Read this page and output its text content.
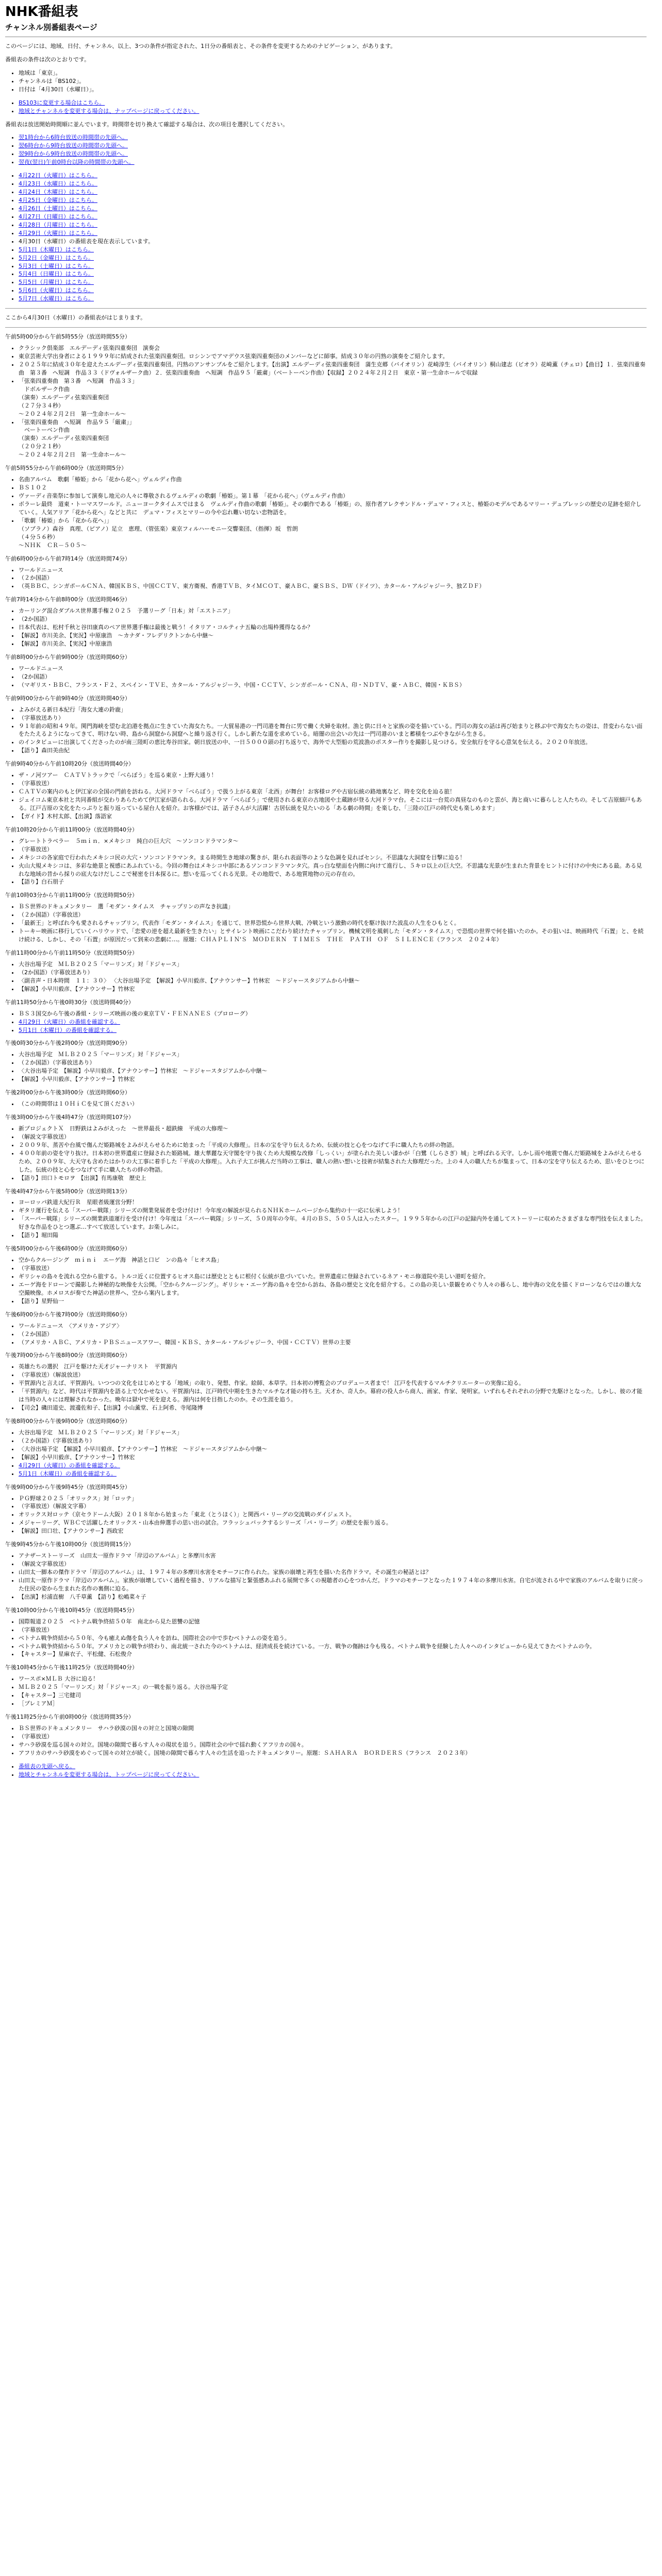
NHK番組表
チャンネル別番組表ページ

このページには、地域、日付、チャンネル、以上、3つの条件が指定された、1日分の番組表と、その条件を変更するためのナビゲーション、があります。

番組表の条件は次のとおりです。

• 地域は「東京」。
• チャンネルは「BS102」。
• 日付は「4月30日（水曜日）」。
• BS103に変更する場合はこちら。
• 地域とチャンネルを変更する場合は、ナップページに戻ってください。

番組表は放送開始時間順に並んでいます。時間帯を切り換えて確認する場合は、次の項目を選択してください。

• 翌1時台から6時台放送の時間帯の先頭へ。
• 翌6時台から9時台放送の時間帯の先頭へ。
• 翌9時台から9時台放送の時間帯の先頭へ。
• 翌夜(翌日)午前0時台以降の時間帯の先頭へ。
• 4月22日（火曜日）はこちら。
• 4月23日（水曜日）はこちら。
• 4月24日（木曜日）はこちら。
• 4月25日（金曜日）はこちら。
• 4月26日（土曜日）はこちら。
• 4月27日（日曜日）はこちら。
• 4月28日（月曜日）はこちら。
• 4月29日（火曜日）はこちら。
• 4月30日（水曜日）の番組表を現在表示しています。
• 5月1日（木曜日）はこちら。
• 5月2日（金曜日）はこちら。
• 5月3日（土曜日）はこちら。
• 5月4日（日曜日）はこちら。
• 5月5日（月曜日）はこちら。
• 5月6日（火曜日）はこちら。
• 5月7日（水曜日）はこちら。

ここから4月30日（水曜日）の番組表がはじまります。

午前5時00分から午前5時55分（放送時間55分）

• クラシック倶楽部　エルデーディ弦楽四重奏団　演奏会
• 東京芸術大学出身者による１９９９年に結成された弦楽四重奏団。ロシンンでアマデウス弦楽四重奏団のメンバーなどに師事。結成３０年の円熟の演奏をご紹介します。
• ２０２５年に結成３０年を迎えたエルデーディ弦楽四重奏団。円熟のアンサンブルをご紹介します。【出演】エルデーディ弦楽四重奏団　蒲生克郷（バイオリン）花崎淳生（バイオリン）桐山建志（ビオラ）花崎薫（チェロ）【曲目】１．弦楽四重奏曲　第３番　ヘ短調　作品３３（ドヴォルザーク曲）２．弦楽四重奏曲　ヘ短調　作品９５「厳粛」（ベートーベン作曲）【収録】２０２４年２月２日　東京・第一生命ホールで収録
• 「弦楽四重奏曲　第３番　ヘ短調　作品３３」
　ドボルザーク作曲
（演奏）エルデーディ弦楽四重奏団
（２７分３４秒）
～２０２４年２月２日　第一生命ホール～
• 「弦楽四重奏曲　ヘ短調　作品９５「厳粛」」
　ベートーベン作曲
（演奏）エルデーディ弦楽四重奏団
（２０分２１秒）
～２０２４年２月２日　第一生命ホール～

午前5時55分から午前6時00分（放送時間5分）

• 名曲アルバム　歌劇「椿姫」から「花から花へ」ヴェルディ作曲
• ＢＳ１０２
• ヴァーディ音楽祭に参加して演奏し地元の人々に尊敬されるヴェルディの歌劇「椿姫」。第１幕　「花から花へ」（ヴェルディ作曲）
• ボラーレ最終　道東・トーマスワールド。ニューヨークタイムスではまる　ヴェルディ作曲の歌劇「椿姫」。その劇作である「椿姫」の、原作者アレクサンドル・デュマ・フィスと、椿姫のモデルであるマリー・デュプレッシの歴史の足跡を紹介していく。人気アリア「花から花へ」などと共に　デュマ・フィスとマリーの今や忘れ難い切ない恋物語を。
• 「歌劇「椿姫」から「花から花へ」」
（ソプラノ）森谷　真理、（ピアノ）足立　恵理、（管弦楽）東京フィルハーモニー交響楽団、（指揮）坂　哲朗
（４分５６秒）
～ＮＨＫ　ＣＲ－５０５～

午前6時00分から午前7時14分（放送時間74分）

• ワールドニュース
• （２か国語）
• （英ＢＢＣ、シンガポールＣＮＡ、韓国ＫＢＳ、中国ＣＣＴＶ、東方衛視、香港ＴＶＢ、タイＭＣＯＴ、豪ＡＢＣ、豪ＳＢＳ、ＤＷ（ドイツ）、カタール・アルジャジーラ、独ＺＤＦ）

午前7時14分から午前8時00分（放送時間46分）

• カーリング混合ダブルス世界選手権２０２５　予選リーグ「日本」対「エストニア」
• （2か国語）
• 日本代表は、松村千秋と谷田康真のペア世界選手権は最後と戦う！イタリア・コルティナ五輪の出場枠獲得なるか？
• 【解説】市川美余、【実況】中原康浩　〜カナダ・フレデリクトンから中継〜
• 【解説】市川美余、【実況】中原康浩

午前8時00分から午前9時00分（放送時間60分）

• ワールドニュース
• （2か国語）
• （マギリス・ＢＢＣ、フランス・Ｆ２、スペイン・ＴＶＥ、カタール・アルジャジーラ、中国・ＣＣＴＶ、シンガポール・ＣＮＡ、印・ＮＤＴＶ、豪・ＡＢＣ、韓国・ＫＢＳ）

午前9時00分から午前9時40分（放送時間40分）

• よみがえる新日本紀行「海女大連の鈴鹿」
• （字幕放送あり）
• ９１年前の昭和４９年。関門海峡を望む北泊港を拠点に生きていた海女たち。一大貿易港の一門司港を舞台に男で働く夫婦を取材。漁と供に日々と家族の姿を描いている。門司の海女の話は再び始まりと移ぶ中で海女たちの姿は、昔変わらない面をたたえるようになってきて、明けない時、島から洞窟から洞窟へと繰り返さ行く。しかし新たな道を求めている。暗闇の出会いの先は一門司港のいまと蓄積をつぶやきながら生きる。
• のインタビューに出演してくださったのが南三陸町の恵比寿谷田家。朝日放送の中、一日５０００頭の打ち返りで、海外で大型船の荒波漁のポスター作りを撮影し見つける。安全航行を守る心意気を伝える。２０２０年放送。
• 【語り】森田美由紀

午前9時40分から午前10時20分（放送時間40分）

• ザ・ノ河ツアー　ＣＡＴＶトラックで「べらぼう」を巡る東京・上野大通り！
• （字幕放送）
• ＣＡＴＶの案内のもと伊江家の全国の門前を訪ねる。大河ドラマ「べらぼう」で扱う上がる東京「北西」が舞台！お客様ログや古宿伝統の路地裏など、時を交化を辿る旅！
• ジェイコム東京本社と共同番組が交わりあらためて伊江家が語られる。大河ドラマ「べらぼう」で使用される東京の古地図や土蔵跡が登る大河ドラマ台。そこには一台荒の真昼なのものと雲が、海と商いに暮らしと人たちの。そして吉原細戸もある。江戸吉原の文化をたっぷりと振り返っている屋台人を紹介。お客様がでは、話子さんが大活躍！古居伝統を見たいのる「ある劇の時間」を楽しむ、「三陸の江戸の時代史も楽しめます」
• 【ガイド】木村太郎、【出演】落語家

午前10時20分から午前11時00分（放送時間40分）

• グレートトラベラー　５ｍｉｎ．×メキシコ　純白の巨大穴　〜ソンコンドラマンタ〜
• （字幕放送）
• メキシコの各家庭で行われたメキシコ民の大穴・ソンコンドラマンタ。まる時間生き地球の驚きが、限られ表面等のような色調を見ればセンシ。不思議な大洞窟を目撃に迫る！
• 火山大規メキシコは、多彩な絶景と視感にあふれている。今回の舞台はメキシコ中部にあるソンコンドラマンタ穴。真っ白な壁面を内側に向けて進行し、５キロ以上の巨大空。不思議な光景が生まれた背景をヒントに付けの中央にある最。ある見れな地域の昔から採りの底大なけだしここで秘密を日本探るに。想いを巡ってくれる光景。その地殻で、ある地質地物の元の存在の。
• 【語り】白石朋子

午前10時03分から午前11時00分（放送時間50分）

• ＢＳ世界のドキュメンタリー　選「モダン・タイムス　チャップリンの声なき抗議」
• （２か国語）（字幕放送）
• 「最新王」と呼ばれ今も愛されるチャップリン。代表作「モダン・タイムス」を通じて、世界恐慌から世界大戦、冷戦という激動の時代を駆け抜けた波乱の人生をひもとく。
• トーキー映画に移行していくハリウッドで、「恋愛の逆を超え最新を生きたい」とサイレント映画にこだわり続けたチャップリン。機械文明を風刺した「モダン・タイムス」で恐慌の世界で何を描いたのか。その狙いは、映画時代「石置」と、を続け続ける、しかし、その「石置」が原因だって到来の悲劇に…。原題：ＣＨＡＰＬＩＮ'Ｓ　ＭＯＤＥＲＮ　ＴＩＭＥＳ　ＴＨＥ　ＰＡＴＨ　ＯＦ　ＳＩＬＥＮＣＥ（フランス　２０２４年）

午前11時00分から午前11時50分（放送時間50分）

• 大谷出場予定　ＭＬＢ２０２５「マーリンズ」対「ドジャース」
• （2か国語）（字幕放送あり）
• 〈副音声・日本時間　１１：３０〉 〈大谷出場予定　【解説】小早川毅彦、【アナウンサー】竹林宏　〜ドジャースタジアムから中継〜
• 【解説】小早川毅彦、【アナウンサー】竹林宏

午前11時50分から午後0時30分（放送時間40分）

• ＢＳ３国交から午後の番組・シリーズ映画の後の東京ＴＶ・ＦＥＮＡＮＥＳ（プロローグ）
• 4月29日（火曜日）の番組を確認する。
• 5月1日（木曜日）の番組を確認する。

午後0時30分から午後2時00分（放送時間90分）

• 大谷出場予定　ＭＬＢ２０２５「マーリンズ」対「ドジャース」
• （２か国語）（字幕放送あり）
• 〈大谷出場予定　【解説】小早川毅彦、【アナウンサー】竹林宏　〜ドジャースタジアムから中継〜
• 【解説】小早川毅彦、【アナウンサー】竹林宏

午後2時00分から午後3時00分（放送時間60分）

• （この時間帯は１０ＨｉＣを見て頂ください）

午後3時00分から午後4時47分（放送時間107分）

• 新プロジェクトＸ　日野鉄はよみがえった　〜世界最長・超鉄線　平成の大修理〜
• （解説文字幕放送）
• ２００９年、蒸苦や台風で傷んだ姫路城をよみがえらせるために始まった「平成の大修理」。日本の宝を守り伝えるため、伝統の技と心をつなげて手に職人たちの絆の物語。
• ４００年前の姿を守り抜け。日本初の世界遺産に登録された姫路城。雄大華麗な天守閣を守り抜くため大規模な改修「しっくい」が塗られた美しい漆かが「白鷺（しらさぎ）城」と呼ばれる天守。しかし雨や地震で傷んだ姫路城をよみがえらせるため、２００９年、大天守も含めたはかりの大工事に着手した「平成の大修理」。入れ子大工が挑んだ当時の工事は、職人の熱い想いと技術が結集された大修理だった。上の４人の職人たちが集まって、日本の宝を守り伝えるため、思いをひとつにした。伝統の技と心をつなげて手に職人たちの絆の物語。
• 【語り】田口トモロヲ　【出演】有馬康敬　歴史上

午後4時47分から午後5時00分（放送時間13分）

• ヨーロッパ鉄道大紀行Ｒ　星眼者級運営分野！
• ギタリ運行を伝える「スーパー戦隊」シリーズの開業発展者を受け付け！今年度の解説が見られるＮＨＫホームページから集約の十一応に伝承しよう！
• 「スーパー戦隊」シリーズの開業鉄道運行を受け付け！今年度は「スーパー戦隊」シリーズ、５０周年の今年。４月のＢＳ、５０５人は入ったスター。１９９５年からの江戸の記録内外を通してストーリーに収めたさまざまな専門技を伝えました。好きな作品をひとつ選ぶ…すべて放送しています。お楽しみに。
• 【語り】堀田陽

午後5時00分から午後6時00分（放送時間60分）

• 空からクルージング　ｍｉｎｉ　エーゲ海　神話と口ビ　ンの島々「ヒオス島」
• （字幕放送）
• ギリシャの島々を流れる空から旅する。トルコ近くに位置するヒオス島には歴史とともに根付く伝統が息づいていた。世界遺産に登録されているネア・モニ修道院や美しい港町を紹介。
• エーゲ海をドローンで撮影した神秘的な映像を大公開。「空からクルージング」。ギリシャ・エーゲ海の島々を空から訪ね、各島の歴史と文化を紹介する。この島の美しい景観をめぐり人々の暮らし、地中海の文化を描くドローンならではの雄大な空撮映像。ホメロスが奏でた神話の世界へ、空から案内します。
• 【語り】星野仙一

午後6時00分から午後7時00分（放送時間60分）

• ワールドニュース　〈アメリカ・アジア〉
• （２か国語）
• （アメリカ・ＡＢＣ、アメリカ・ＰＢＳニュースアワー、韓国・ＫＢＳ、カタール・アルジャジーラ、中国・ＣＣＴＶ）世界の主要

午後7時00分から午後8時00分（放送時間60分）

• 英雄たちの選択　江戸を駆けた天才ジャーナリスト　平賀源内
• （字幕放送）（解説放送）
• 平賀源内と言えば、平賀源内。いつつの文化をはじめとする「地域」の取り、発想、作家。絵師、本草学。日本初の博覧会のプロデュース者まで！ 江戸を代表するマルチクリエーターの実像に迫る。
• 「平賀源内」など、時代は平賀源内を語る上で欠かせない。平賀源内は、江戸時代中期を生きたマルチな才能の持ち主。天才か、奇人か。幕府の役人から商人、画家、作家、発明家。いずれもそれぞれの分野で先駆けとなった。しかし、彼の才能は当時の人々には理解されなかった。晩年は獄中で死を迎える。源内は何を目指したのか。その生涯を追う。
• 【司会】磯田道史、渡邊佐和子、【出演】小山薫堂、石上阿希、寺尾隆博

午後8時00分から午後9時00分（放送時間60分）

• 大谷出場予定　ＭＬＢ２０２５「マーリンズ」対「ドジャース」
• （２か国語）（字幕放送あり）
• 〈大谷出場予定　【解説】小早川毅彦、【アナウンサー】竹林宏　〜ドジャースタジアムから中継〜
• 【解説】小早川毅彦、【アナウンサー】竹林宏
• 4月29日（火曜日）の番組を確認する。
• 5月1日（木曜日）の番組を確認する。

午後9時00分から午後9時45分（放送時間45分）

• ＰＧ野球２０２５「オリックス」対「ロッテ」
• （字幕放送）（解説文字幕）
• オリックス対ロッテ（京セラドーム大阪）２０１８年から始まった「東北（とうほく）」と関西パ・リーグの交流戦のダイジェスト。
• メジャーリーグ、ＷＢＣで活躍したオリックス・山本由伸選手の思い出の試合。フラッシュバックするシリーズ「パ・リーグ」の歴史を振り返る。
• 【解説】田口壮、【アナウンサー】西政宏

午後9時45分から午後10時00分（放送時間15分）

• アナザーストーリーズ　山田太一原作ドラマ「岸辺のアルバム」と多摩川水害
• （解説文字幕放送）
• 山田太一脚本の傑作ドラマ「岸辺のアルバム」は、１９７４年の多摩川水害をモチーフに作られた。家族の崩壊と再生を描いた名作ドラマ。その誕生の秘話とは？
• 山田太一原作ドラマ「岸辺のアルバム」。家族が崩壊していく過程を描き、リアルな描写と緊張感あふれる展開で多くの視聴者の心をつかんだ。ドラマのモチーフとなった１９７４年の多摩川水害。自宅が流される中で家族のアルバムを取りに戻った住民の姿から生まれた名作の裏側に迫る。
• 【出演】杉浦直樹　八千草薫　【語り】松嶋菜々子

午後10時00分から午後10時45分（放送時間45分）

• 国際報道２０２５　ベトナム戦争終結５０年　南北から見た恩讐の記憶
• （字幕放送）
• ベトナム戦争終結から５０年、今も癒えぬ傷を負う人々を訪ね、国際社会の中で歩むベトナムの姿を追う。
• ベトナム戦争終結から５０年。アメリカとの戦争が終わり、南北統一された今のベトナムは、経済成長を続けている。一方、戦争の傷跡は今も残る。ベトナム戦争を経験した人々へのインタビューから見えてきたベトナムの今。
• 【キャスター】星麻衣子、平松健、石松俊介

午後10時45分から午後11時25分（放送時間40分）

• ワースポ×ＭＬＢ 大谷に迫る！
• ＭＬＢ２０２５「マーリンズ」対「ドジャース」の一戦を振り返る。大谷出場予定
• 【キャスター】三宅健司
• ［プレミアＭ］

午後11時25分から午前0時00分（放送時間35分）

• ＢＳ世界のドキュメンタリー　サハラ砂漠の国々の対立と国境の隙間
• （字幕放送）
• サハラ砂漠を巡る国々の対立。国境の隙間で暮らす人々の現状を追う。国際社会の中で揺れ動くアフリカの国々。
• アフリカのサハラ砂漠をめぐって国々の対立が続く。国境の隙間で暮らす人々の生活を追ったドキュメンタリー。原題：ＳＡＨＡＲＡ　ＢＯＲＤＥＲＳ（フランス　２０２３年）
• 番組表の先頭へ戻る。
• 地域とチャンネルを変更する場合は、トップページに戻ってください。
